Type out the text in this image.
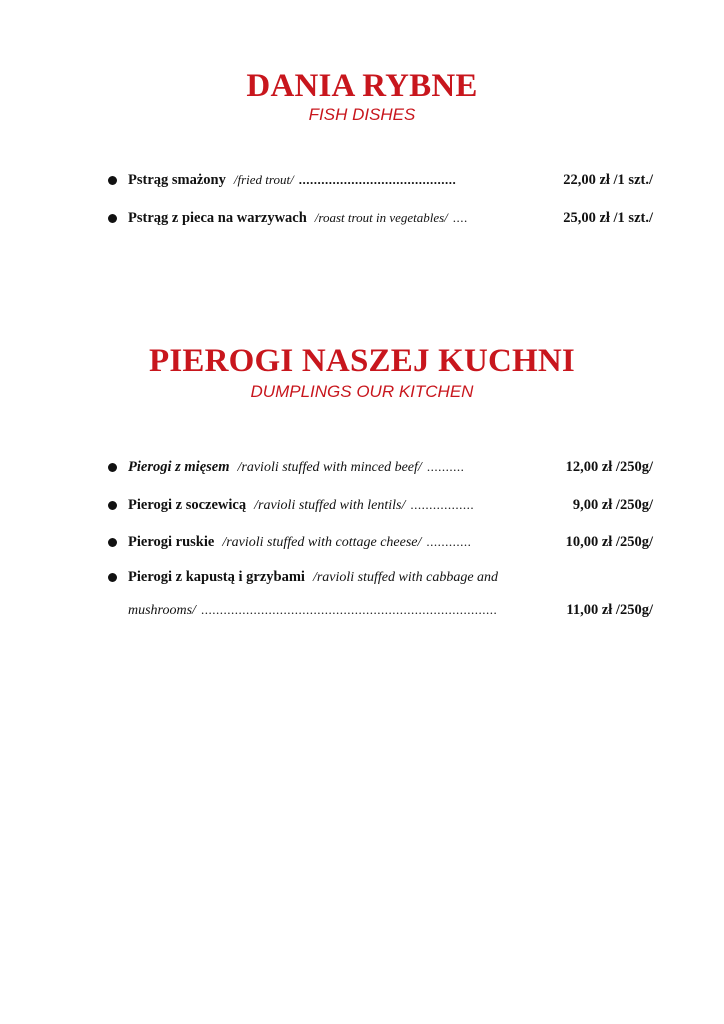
DANIA RYBNE
FISH DISHES
Pstrąg smażony /fried trout/ ..........................................	22,00 zł /1 szt./
Pstrąg z pieca na warzywach /roast trout in vegetables/ ....	25,00 zł /1 szt./
PIEROGI NASZEJ KUCHNI
DUMPLINGS OUR KITCHEN
Pierogi z mięsem /ravioli stuffed with minced beef/ ..........	12,00 zł /250g/
Pierogi z soczewicą /ravioli stuffed with lentils/ .................	9,00 zł /250g/
Pierogi ruskie /ravioli stuffed with cottage cheese/ ............	10,00 zł /250g/
Pierogi z kapustą i grzybami /ravioli stuffed with cabbage and
mushrooms/ ...............................................................................	11,00 zł /250g/
